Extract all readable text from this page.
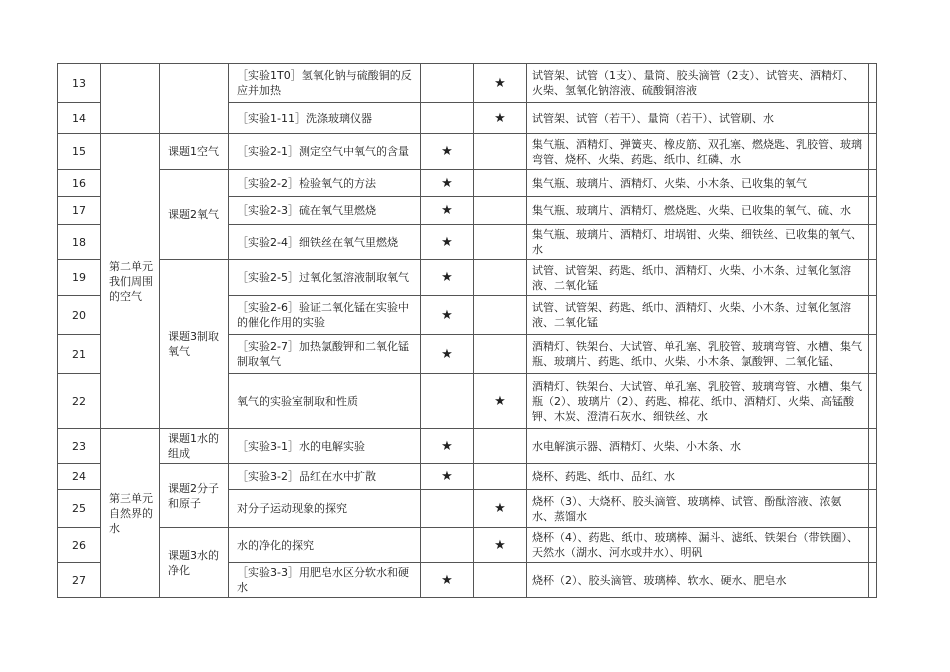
13			［实验1T0］氢氧化钠与硫酸铜的反应并加热		★	试管架、试管（1支）、量筒、胶头滴管（2支）、试管夹、酒精灯、火柴、氢氧化钠溶液、硫酸铜溶液	
14			［实验1-11］洗涤玻璃仪器		★	试管架、试管（若干）、量筒（若干）、试管刷、水	
15	第二单元我们周围的空气	课题1空气	［实验2-1］测定空气中氧气的含量	★		集气瓶、酒精灯、弹簧夹、橡皮筋、双孔塞、燃烧匙、乳胶管、玻璃弯管、烧杯、火柴、药匙、纸巾、红磷、水	
16		课题2氧气	［实验2-2］检验氧气的方法	★		集气瓶、玻璃片、酒精灯、火柴、小木条、已收集的氧气	
17			［实验2-3］硫在氧气里燃烧	★		集气瓶、玻璃片、酒精灯、燃烧匙、火柴、已收集的氧气、硫、水	
18			［实验2-4］细铁丝在氧气里燃烧	★		集气瓶、玻璃片、酒精灯、坩埚钳、火柴、细铁丝、已收集的氧气、水	
19		课题3制取氧气	［实验2-5］过氧化氢溶液制取氧气	★		试管、试管架、药匙、纸巾、酒精灯、火柴、小木条、过氧化氢溶液、二氧化锰	
20			［实验2-6］验证二氧化锰在实验中的催化作用的实验	★		试管、试管架、药匙、纸巾、酒精灯、火柴、小木条、过氧化氢溶液、二氧化锰	
21			［实验2-7］加热氯酸钾和二氧化锰制取氧气	★		酒精灯、铁架台、大试管、单孔塞、乳胶管、玻璃弯管、水槽、集气瓶、玻璃片、药匙、纸巾、火柴、小木条、氯酸钾、二氧化锰、	
22			氧气的实验室制取和性质		★	酒精灯、铁架台、大试管、单孔塞、乳胶管、玻璃弯管、水槽、集气瓶（2）、玻璃片（2）、药匙、棉花、纸巾、酒精灯、火柴、高锰酸钾、木炭、澄清石灰水、细铁丝、水	
23	第三单元自然界的水	课题1水的组成	［实验3-1］水的电解实验	★		水电解演示器、酒精灯、火柴、小木条、水	
24		课题2分子和原子	［实验3-2］品红在水中扩散	★		烧杯、药匙、纸巾、品红、水	
25			对分子运动现象的探究		★	烧杯（3）、大烧杯、胶头滴管、玻璃棒、试管、酚酞溶液、浓氨水、蒸馏水	
26		课题3水的净化	水的净化的探究		★	烧杯（4）、药匙、纸巾、玻璃棒、漏斗、滤纸、铁架台（带铁圈）、天然水（湖水、河水或井水）、明矾	
27			［实验3-3］用肥皂水区分软水和硬水	★		烧杯（2）、胶头滴管、玻璃棒、软水、硬水、肥皂水	
